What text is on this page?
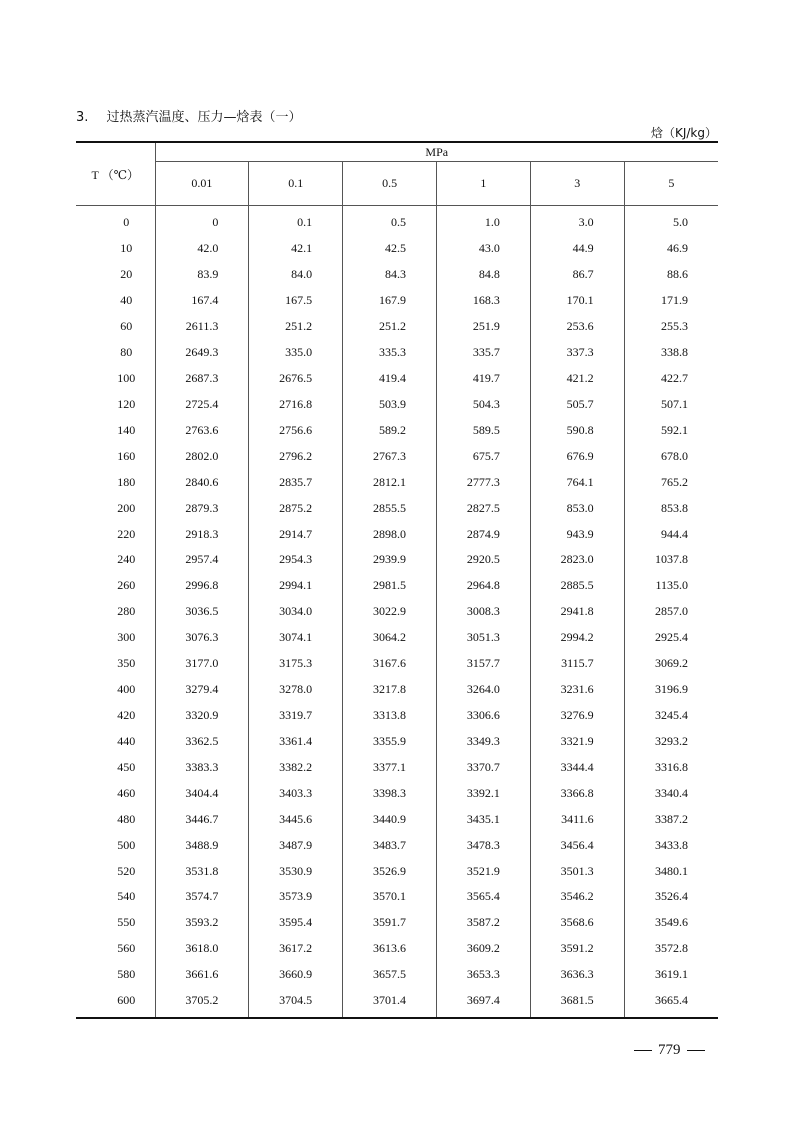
3. 过热蒸汽温度、压力—焓表（一）
焓（KJ/kg）
T （℃）	MPa					
	0.01	0.1	0.5	1	3	5
0	0	0.1	0.5	1.0	3.0	5.0
10	42.0	42.1	42.5	43.0	44.9	46.9
20	83.9	84.0	84.3	84.8	86.7	88.6
40	167.4	167.5	167.9	168.3	170.1	171.9
60	2611.3	251.2	251.2	251.9	253.6	255.3
80	2649.3	335.0	335.3	335.7	337.3	338.8
100	2687.3	2676.5	419.4	419.7	421.2	422.7
120	2725.4	2716.8	503.9	504.3	505.7	507.1
140	2763.6	2756.6	589.2	589.5	590.8	592.1
160	2802.0	2796.2	2767.3	675.7	676.9	678.0
180	2840.6	2835.7	2812.1	2777.3	764.1	765.2
200	2879.3	2875.2	2855.5	2827.5	853.0	853.8
220	2918.3	2914.7	2898.0	2874.9	943.9	944.4
240	2957.4	2954.3	2939.9	2920.5	2823.0	1037.8
260	2996.8	2994.1	2981.5	2964.8	2885.5	1135.0
280	3036.5	3034.0	3022.9	3008.3	2941.8	2857.0
300	3076.3	3074.1	3064.2	3051.3	2994.2	2925.4
350	3177.0	3175.3	3167.6	3157.7	3115.7	3069.2
400	3279.4	3278.0	3217.8	3264.0	3231.6	3196.9
420	3320.9	3319.7	3313.8	3306.6	3276.9	3245.4
440	3362.5	3361.4	3355.9	3349.3	3321.9	3293.2
450	3383.3	3382.2	3377.1	3370.7	3344.4	3316.8
460	3404.4	3403.3	3398.3	3392.1	3366.8	3340.4
480	3446.7	3445.6	3440.9	3435.1	3411.6	3387.2
500	3488.9	3487.9	3483.7	3478.3	3456.4	3433.8
520	3531.8	3530.9	3526.9	3521.9	3501.3	3480.1
540	3574.7	3573.9	3570.1	3565.4	3546.2	3526.4
550	3593.2	3595.4	3591.7	3587.2	3568.6	3549.6
560	3618.0	3617.2	3613.6	3609.2	3591.2	3572.8
580	3661.6	3660.9	3657.5	3653.3	3636.3	3619.1
600	3705.2	3704.5	3701.4	3697.4	3681.5	3665.4
779
